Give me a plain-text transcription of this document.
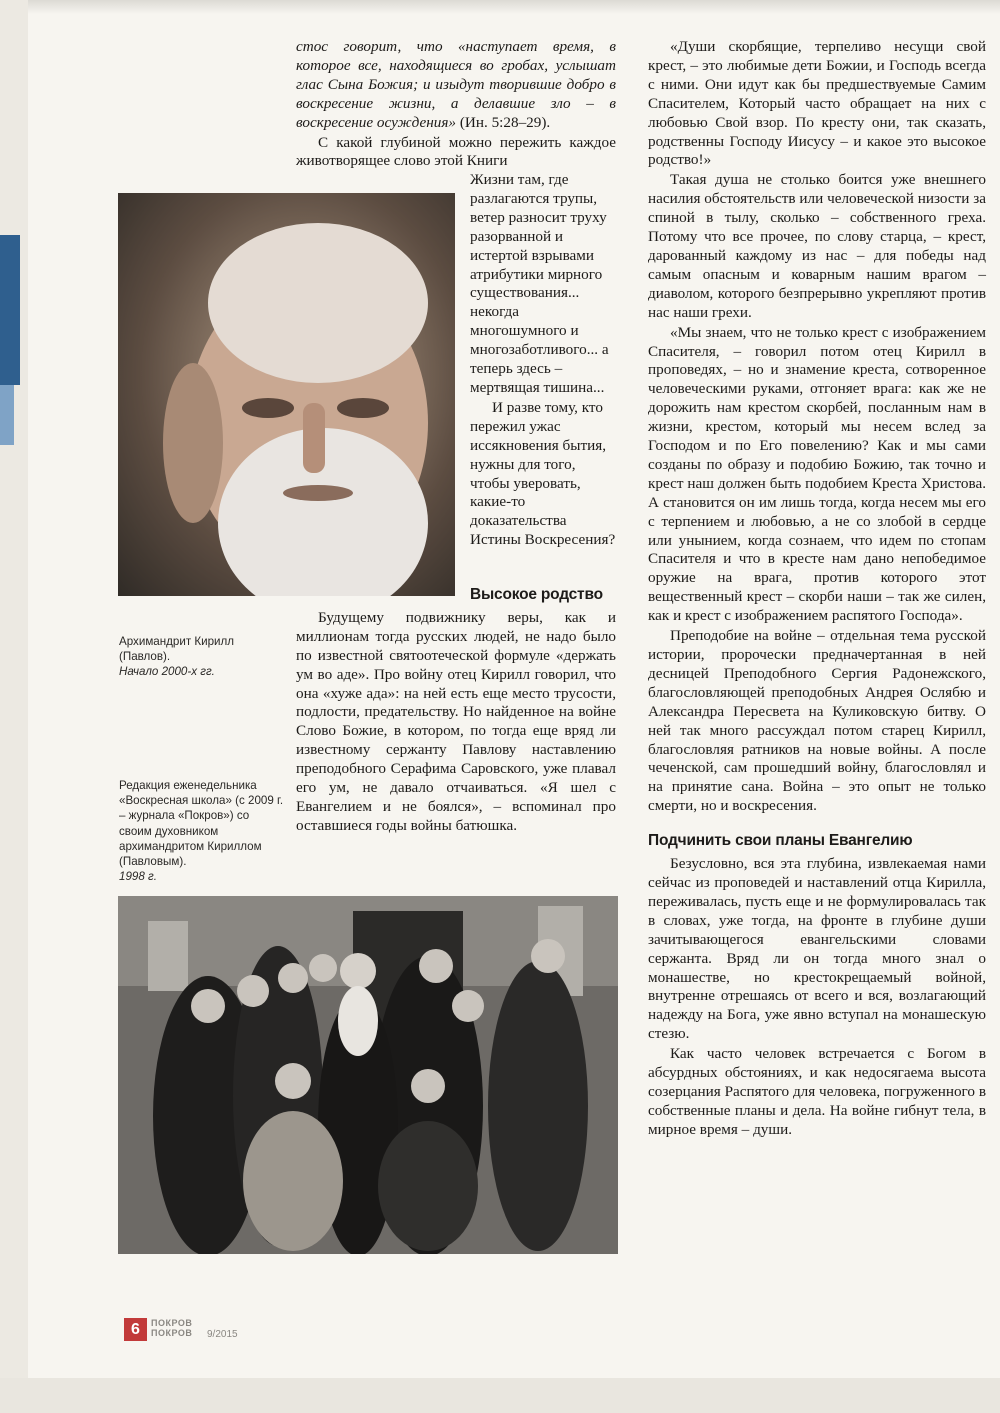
Архимандрит Кирилл (Павлов).
Начало 2000-х гг.
Редакция еженедельника «Воскресная школа» (с 2009 г. – журнала «Покров») со своим духовником архимандритом Кириллом (Павловым).
1998 г.

стос говорит, что «наступает время, в которое все, находящиеся во гробах, услышат глас Сына Божия; и изыдут творившие добро в воскресение жизни, а делавшие зло – в воскресение осуждения» (Ин. 5:28–29).

С какой глубиной можно пережить каждое животворящее слово этой Книги

Жизни там, где разлагаются трупы, ветер разносит труху разорванной и истертой взрывами атрибутики мирного существования... некогда многошумного и многозаботливого... а теперь здесь – мертвящая тишина...

И разве тому, кто пережил ужас иссякновения бытия, нужны для того, чтобы уверовать, какие-то доказательства Истины Воскресения?

Высокое родство

Будущему подвижнику веры, как и миллионам тогда русских людей, не надо было по известной святоотеческой формуле «держать ум во аде». Про войну отец Кирилл говорил, что она «хуже ада»: на ней есть еще место трусости, подлости, предательству. Но найденное на войне Слово Божие, в котором, по тогда еще вряд ли известному сержанту Павлову наставлению преподобного Серафима Саровского, уже плавал его ум, не давало отчаиваться. «Я шел с Евангелием и не боялся», – вспоминал про оставшиеся годы войны батюшка.

«Души скорбящие, терпеливо несущи свой крест, – это любимые дети Божии, и Господь всегда с ними. Они идут как бы предшествуемые Самим Спасителем, Который часто обращает на них с любовью Свой взор. По кресту они, так сказать, родственны Господу Иисусу – и какое это высокое родство!»

Такая душа не столько боится уже внешнего насилия обстоятельств или человеческой низости за спиной в тылу, сколько – собственного греха. Потому что все прочее, по слову старца, – крест, дарованный каждому из нас – для победы над самым опасным и коварным нашим врагом – диаволом, которого безпрерывно укрепляют против нас наши грехи.

«Мы знаем, что не только крест с изображением Спасителя, – говорил потом отец Кирилл в проповедях, – но и знамение креста, сотворенное человеческими руками, отгоняет врага: как же не дорожить нам крестом скорбей, посланным нам в жизни, крестом, который мы несем вслед за Господом и по Его повелению? Как и мы сами созданы по образу и подобию Божию, так точно и крест наш должен быть подобием Креста Христова. А становится он им лишь тогда, когда несем мы его с терпением и любовью, а не со злобой в сердце или унынием, когда сознаем, что идем по стопам Спасителя и что в кресте нам дано непобедимое оружие на врага, против которого этот вещественный крест – скорби наши – так же силен, как и крест с изображением распятого Господа».

Преподобие на войне – отдельная тема русской истории, пророчески предначертанная в ней десницей Преподобного Сергия Радонежского, благословляющей преподобных Андрея Ослябю и Александра Пересвета на Куликовскую битву. О ней так много рассуждал потом старец Кирилл, благословляя ратников на новые войны. А после чеченской, сам прошедший войну, благословлял и на принятие сана. Война – это опыт не только смерти, но и воскресения.

Подчинить свои планы Евангелию

Безусловно, вся эта глубина, извлекаемая нами сейчас из проповедей и наставлений отца Кирилла, переживалась, пусть еще и не формулировалась так в словах, уже тогда, на фронте в глубине души зачитывающегося евангельскими словами сержанта. Вряд ли он тогда много знал о монашестве, но крестокрещаемый войной, внутренне отрешаясь от всего и вся, возлагающий надежду на Бога, уже явно вступал на монашескую стезю.

Как часто человек встречается с Богом в абсурдных обстояниях, и как недосягаема высота созерцания Распятого для человека, погруженного в собственные планы и дела. На войне гибнут тела, в мирное время – души.

6	ПОКРОВ
ПОКРОВ 9/2015
